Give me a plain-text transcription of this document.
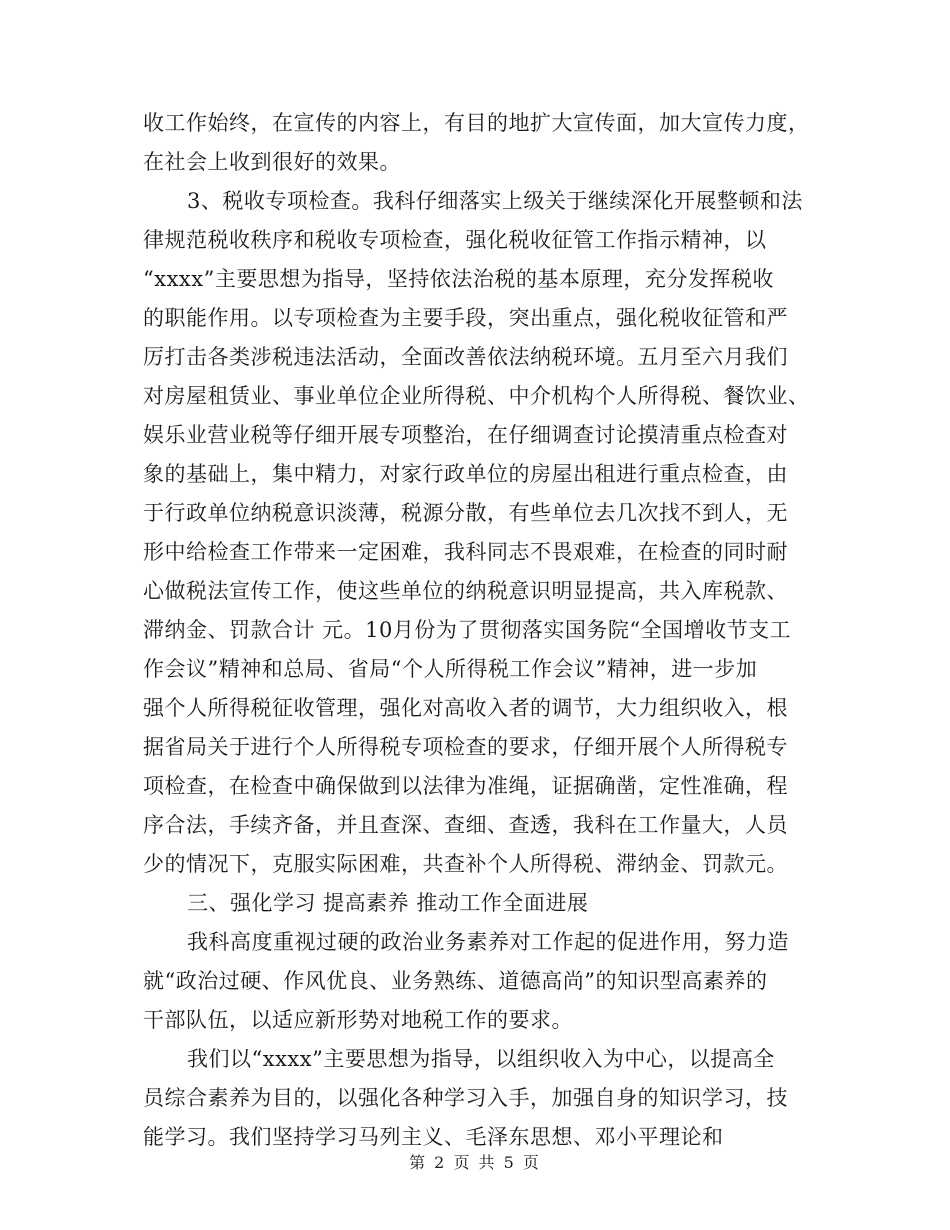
收工作始终，在宣传的内容上，有目的地扩大宣传面，加大宣传力度，
在社会上收到很好的效果。
3、税收专项检查。我科仔细落实上级关于继续深化开展整顿和法
律规范税收秩序和税收专项检查，强化税收征管工作指示精神，以
“xxxx”主要思想为指导，坚持依法治税的基本原理，充分发挥税收
的职能作用。以专项检查为主要手段，突出重点，强化税收征管和严
厉打击各类涉税违法活动，全面改善依法纳税环境。五月至六月我们
对房屋租赁业、事业单位企业所得税、中介机构个人所得税、餐饮业、
娱乐业营业税等仔细开展专项整治，在仔细调查讨论摸清重点检查对
象的基础上，集中精力，对家行政单位的房屋出租进行重点检查，由
于行政单位纳税意识淡薄，税源分散，有些单位去几次找不到人，无
形中给检查工作带来一定困难，我科同志不畏艰难，在检查的同时耐
心做税法宣传工作，使这些单位的纳税意识明显提高，共入库税款、
滞纳金、罚款合计 元。10月份为了贯彻落实国务院“全国增收节支工
作会议”精神和总局、省局“个人所得税工作会议”精神，进一步加
强个人所得税征收管理，强化对高收入者的调节，大力组织收入，根
据省局关于进行个人所得税专项检查的要求，仔细开展个人所得税专
项检查，在检查中确保做到以法律为准绳，证据确凿，定性准确，程
序合法，手续齐备，并且查深、查细、查透，我科在工作量大，人员
少的情况下，克服实际困难，共查补个人所得税、滞纳金、罚款元。
三、强化学习 提高素养 推动工作全面进展
我科高度重视过硬的政治业务素养对工作起的促进作用，努力造
就“政治过硬、作风优良、业务熟练、道德高尚”的知识型高素养的
干部队伍，以适应新形势对地税工作的要求。
我们以“xxxx”主要思想为指导，以组织收入为中心，以提高全
员综合素养为目的，以强化各种学习入手，加强自身的知识学习，技
能学习。我们坚持学习马列主义、毛泽东思想、邓小平理论和
第 2 页 共 5 页
